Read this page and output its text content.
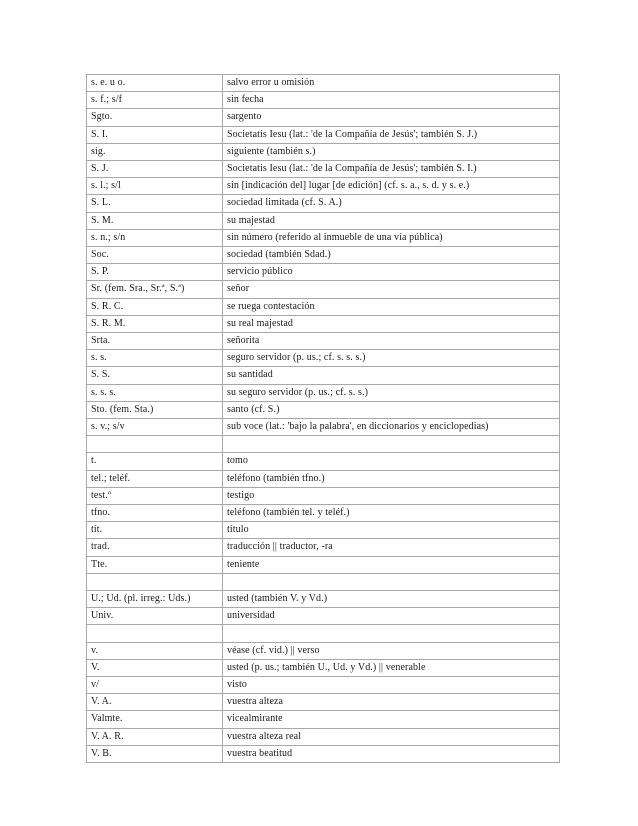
s. e. u o.	salvo error u omisión
s. f.; s/f	sin fecha
Sgto.	sargento
S. I.	Societatis Iesu (lat.: 'de la Compañía de Jesús'; también S. J.)
sig.	siguiente (también s.)
S. J.	Societatis Iesu (lat.: 'de la Compañía de Jesús'; también S. I.)
s. l.; s/l	sin [indicación del] lugar [de edición] (cf. s. a., s. d. y s. e.)
S. L.	sociedad limitada (cf. S. A.)
S. M.	su majestad
s. n.; s/n	sin número (referido al inmueble de una vía pública)
Soc.	sociedad (también Sdad.)
S. P.	servicio público
Sr. (fem. Sra., Sr.ª, S.ª)	señor
S. R. C.	se ruega contestación
S. R. M.	su real majestad
Srta.	señorita
s. s.	seguro servidor (p. us.; cf. s. s. s.)
S. S.	su santidad
s. s. s.	su seguro servidor (p. us.; cf. s. s.)
Sto. (fem. Sta.)	santo (cf. S.)
s. v.; s/v	sub voce (lat.: 'bajo la palabra', en diccionarios y enciclopedias)

t.	tomo
tel.; teléf.	teléfono (también tfno.)
test.º	testigo
tfno.	teléfono (también tel. y teléf.)
tít.	título
trad.	traducción || traductor, -ra
Tte.	teniente

U.; Ud. (pl. irreg.: Uds.)	usted (también V. y Vd.)
Univ.	universidad

v.	véase (cf. vid.) || verso
V.	usted (p. us.; también U., Ud. y Vd.) || venerable
v/	visto
V. A.	vuestra alteza
Valmte.	vicealmirante
V. A. R.	vuestra alteza real
V. B.	vuestra beatitud
